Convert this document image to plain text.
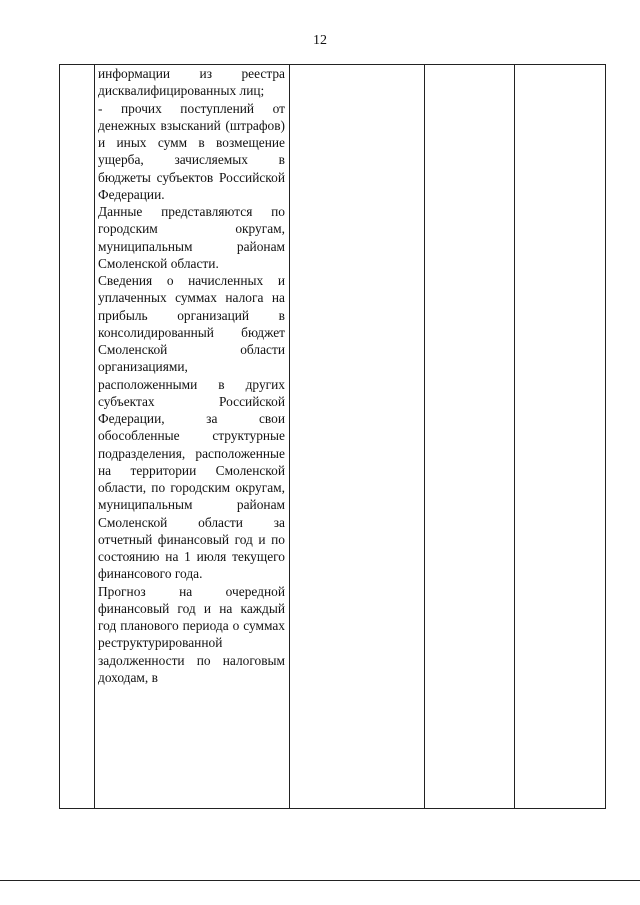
12

информации из реестра дисквалифицированных лиц;

- прочих поступлений от денежных взысканий (штрафов) и иных сумм в возмещение ущерба, зачисляемых в бюджеты субъектов Российской Федерации.

Данные представляются по городским округам, муниципальным районам Смоленской области.

Сведения о начисленных и уплаченных суммах налога на прибыль организаций в консолидированный бюджет Смоленской области организациями, расположенными в других субъектах Российской Федерации, за свои обособленные структурные подразделения, расположенные на территории Смоленской области, по городским округам, муниципальным районам Смоленской области за отчетный финансовый год и по состоянию на 1 июля текущего финансового года.

Прогноз на очередной финансовый год и на каждый год планового периода о суммах реструктурированной задолженности по налоговым доходам, в
